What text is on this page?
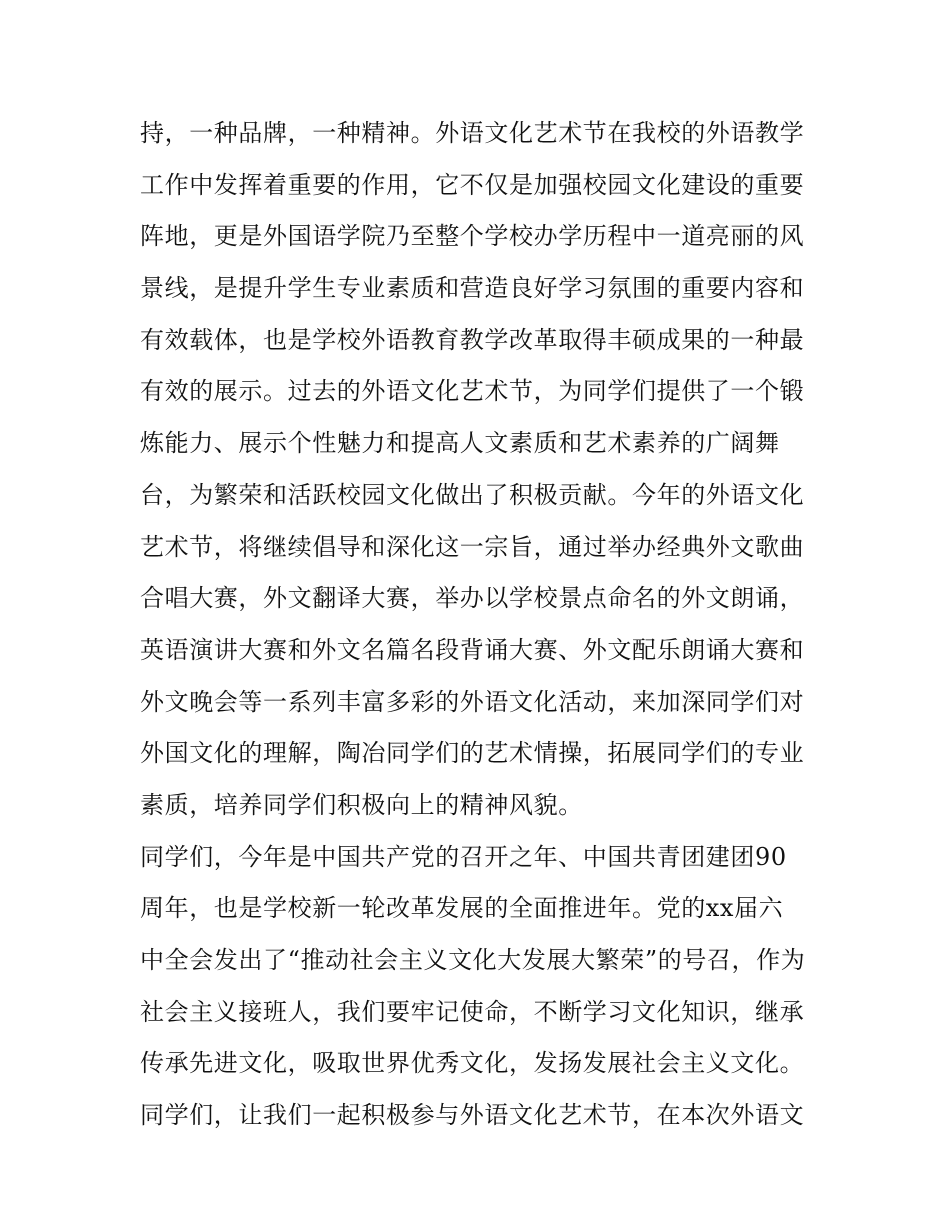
持，一种品牌，一种精神。外语文化艺术节在我校的外语教学
工作中发挥着重要的作用，它不仅是加强校园文化建设的重要
阵地，更是外国语学院乃至整个学校办学历程中一道亮丽的风
景线，是提升学生专业素质和营造良好学习氛围的重要内容和
有效载体，也是学校外语教育教学改革取得丰硕成果的一种最
有效的展示。过去的外语文化艺术节，为同学们提供了一个锻
炼能力、展示个性魅力和提高人文素质和艺术素养的广阔舞
台，为繁荣和活跃校园文化做出了积极贡献。今年的外语文化
艺术节，将继续倡导和深化这一宗旨，通过举办经典外文歌曲
合唱大赛，外文翻译大赛，举办以学校景点命名的外文朗诵，
英语演讲大赛和外文名篇名段背诵大赛、外文配乐朗诵大赛和
外文晚会等一系列丰富多彩的外语文化活动，来加深同学们对
外国文化的理解，陶冶同学们的艺术情操，拓展同学们的专业
素质，培养同学们积极向上的精神风貌。
同学们，今年是中国共产党的召开之年、中国共青团建团90
周年，也是学校新一轮改革发展的全面推进年。党的xx届六
中全会发出了“推动社会主义文化大发展大繁荣”的号召，作为
社会主义接班人，我们要牢记使命，不断学习文化知识，继承
传承先进文化，吸取世界优秀文化，发扬发展社会主义文化。
同学们，让我们一起积极参与外语文化艺术节，在本次外语文
